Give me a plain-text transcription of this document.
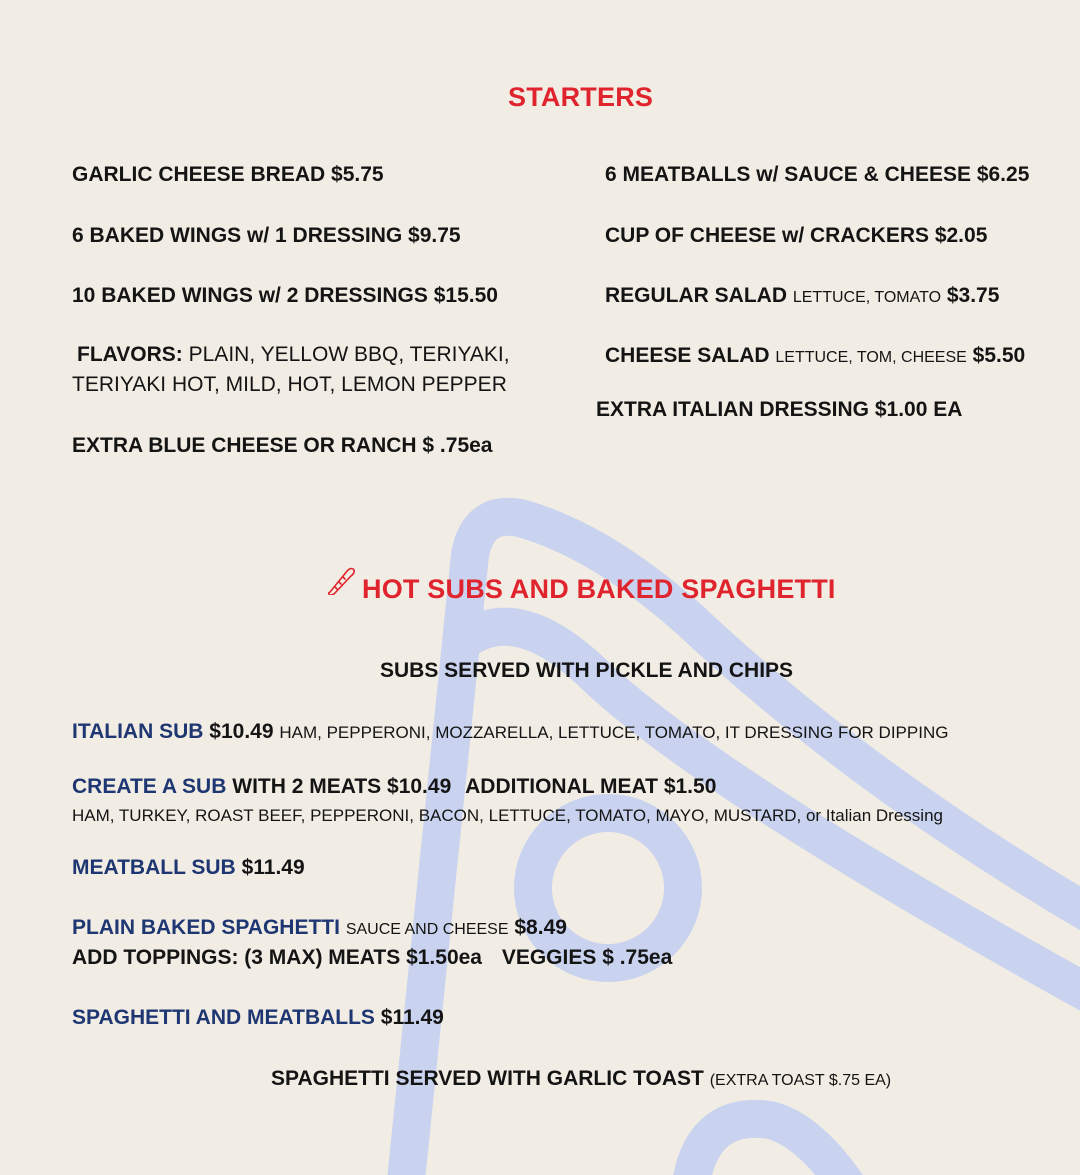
STARTERS
GARLIC CHEESE BREAD $5.75
6 BAKED WINGS w/ 1 DRESSING $9.75
10 BAKED WINGS w/ 2 DRESSINGS $15.50
FLAVORS: PLAIN, YELLOW BBQ, TERIYAKI,
TERIYAKI HOT, MILD, HOT, LEMON PEPPER
EXTRA BLUE CHEESE OR RANCH $ .75ea
6 MEATBALLS w/ SAUCE & CHEESE $6.25
CUP OF CHEESE w/ CRACKERS $2.05
REGULAR SALAD LETTUCE, TOMATO $3.75
CHEESE SALAD LETTUCE, TOM, CHEESE $5.50
EXTRA ITALIAN DRESSING $1.00 EA
HOT SUBS AND BAKED SPAGHETTI
SUBS SERVED WITH PICKLE AND CHIPS
ITALIAN SUB $10.49 HAM, PEPPERONI, MOZZARELLA, LETTUCE, TOMATO, IT DRESSING FOR DIPPING
CREATE A SUB WITH 2 MEATS $10.49 ADDITIONAL MEAT $1.50
HAM, TURKEY, ROAST BEEF, PEPPERONI, BACON, LETTUCE, TOMATO, MAYO, MUSTARD, or Italian Dressing
MEATBALL SUB $11.49
PLAIN BAKED SPAGHETTI SAUCE AND CHEESE $8.49
ADD TOPPINGS: (3 MAX) MEATS $1.50ea VEGGIES $ .75ea
SPAGHETTI AND MEATBALLS $11.49
SPAGHETTI SERVED WITH GARLIC TOAST (EXTRA TOAST $.75 EA)
